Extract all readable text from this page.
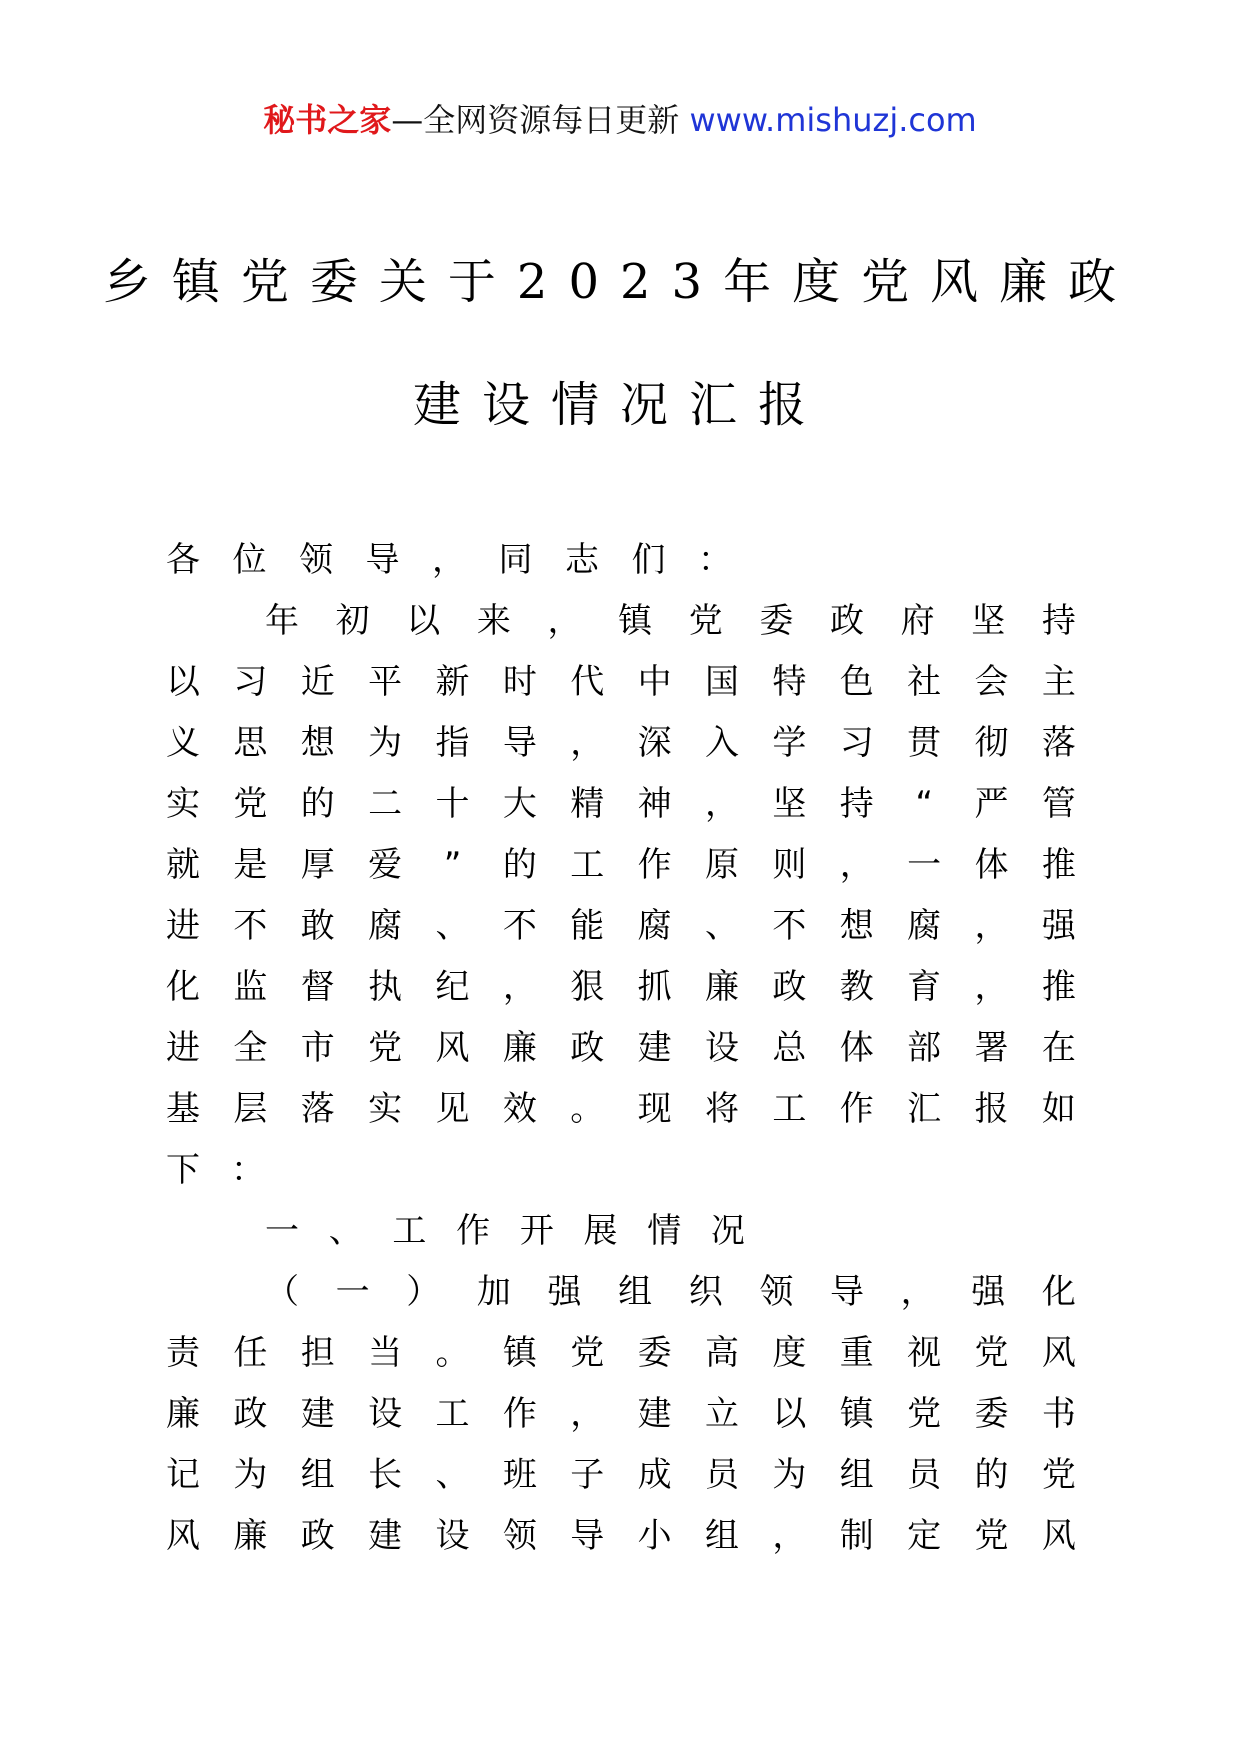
秘书之家—全网资源每日更新 www.mishuzj.com
乡镇党委关于2023年度党风廉政
建设情况汇报
各 位 领 导 ， 同 志 们 ：
年 初 以 来 ， 镇 党 委 政 府 坚 持
以 习 近 平 新 时 代 中 国 特 色 社 会 主
义 思 想 为 指 导 ， 深 入 学 习 贯 彻 落
实 党 的 二 十 大 精 神 ， 坚 持 “ 严 管
就 是 厚 爱 ” 的 工 作 原 则 ， 一 体 推
进 不 敢 腐 、 不 能 腐 、 不 想 腐 ， 强
化 监 督 执 纪 ， 狠 抓 廉 政 教 育 ， 推
进 全 市 党 风 廉 政 建 设 总 体 部 署 在
基 层 落 实 见 效 。 现 将 工 作 汇 报 如
下 ：
一 、 工 作 开 展 情 况
（ 一 ） 加 强 组 织 领 导 ， 强 化
责 任 担 当 。 镇 党 委 高 度 重 视 党 风
廉 政 建 设 工 作 ， 建 立 以 镇 党 委 书
记 为 组 长 、 班 子 成 员 为 组 员 的 党
风 廉 政 建 设 领 导 小 组 ， 制 定 党 风
